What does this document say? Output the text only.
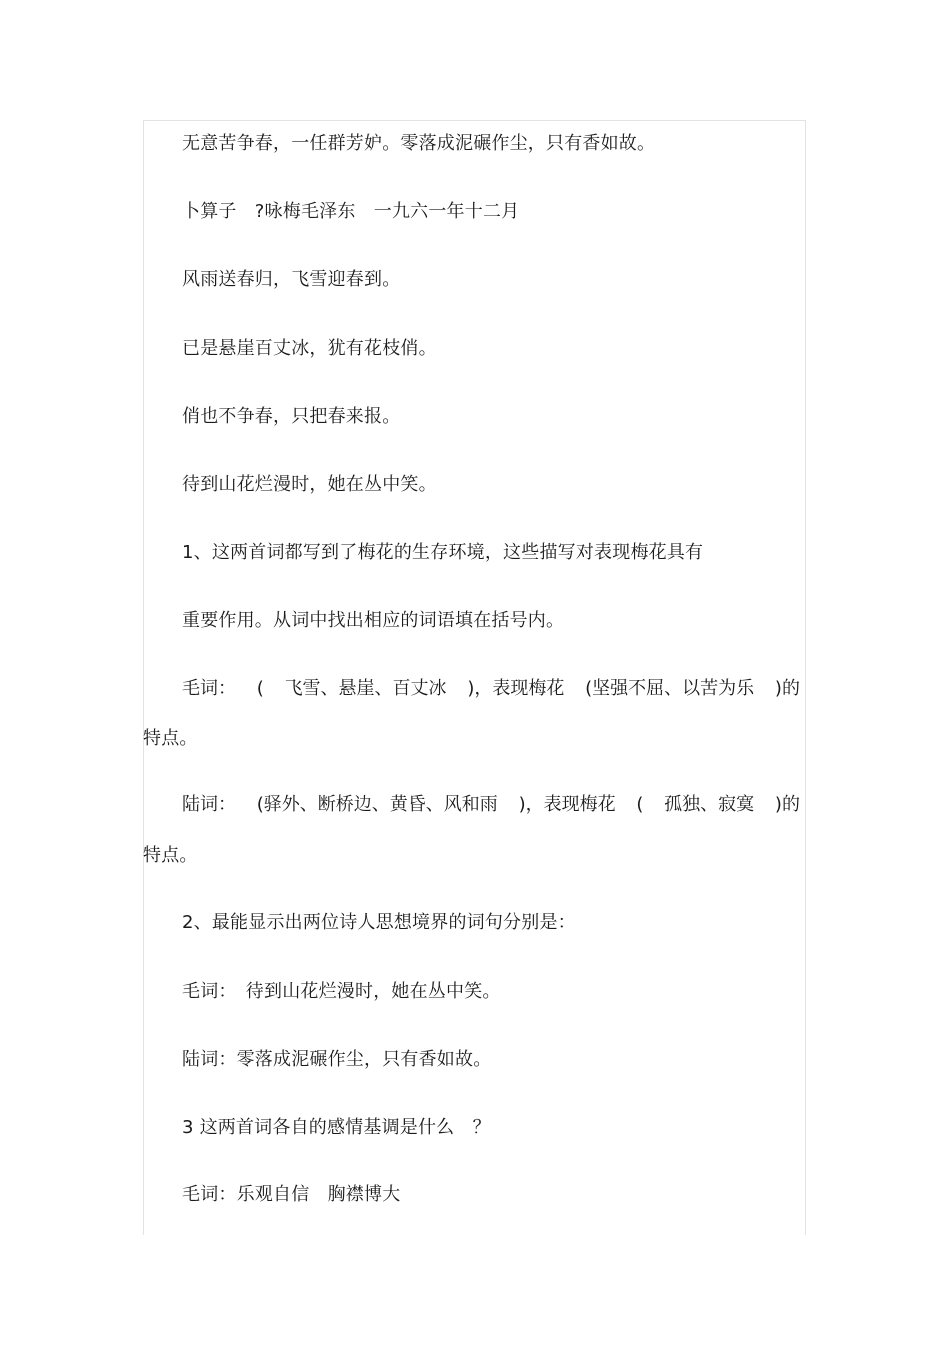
无意苦争春，一任群芳妒。零落成泥碾作尘，只有香如故。
卜算子　?咏梅毛泽东　一九六一年十二月
风雨送春归，飞雪迎春到。
已是悬崖百丈冰，犹有花枝俏。
俏也不争春，只把春来报。
待到山花烂漫时，她在丛中笑。
1、这两首词都写到了梅花的生存环境，这些描写对表现梅花具有
重要作用。从词中找出相应的词语填在括号内。
毛词： ( 飞雪、悬崖、百丈冰 )，表现梅花 (坚强不屈、以苦为乐 )的
特点。
陆词： (驿外、断桥边、黄昏、风和雨 )，表现梅花 ( 孤独、寂寞 )的
特点。
2、最能显示出两位诗人思想境界的词句分别是：
毛词：　待到山花烂漫时，她在丛中笑。
陆词：零落成泥碾作尘，只有香如故。
3 这两首词各自的感情基调是什么　？
毛词：乐观自信　胸襟博大
